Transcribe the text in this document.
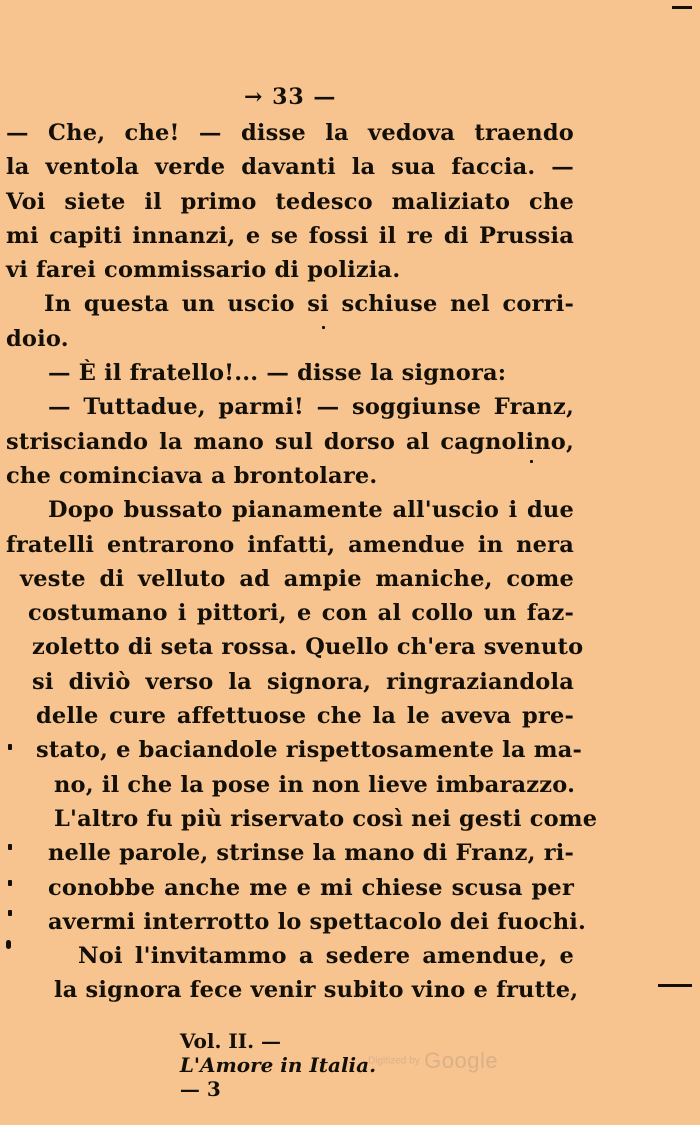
→ 33 —
— Che, che! — disse la vedova traendo
la ventola verde davanti la sua faccia. —
Voi siete il primo tedesco maliziato che
mi capiti innanzi, e se fossi il re di Prussia
vi farei commissario di polizia.
In questa un uscio si schiuse nel corri-
doio.
— È il fratello!... — disse la signora:
— Tuttadue, parmi! — soggiunse Franz,
strisciando la mano sul dorso al cagnolino,
che cominciava a brontolare.
Dopo bussato pianamente all'uscio i due
fratelli entrarono infatti, amendue in nera
veste di velluto ad ampie maniche, come
costumano i pittori, e con al collo un faz-
zoletto di seta rossa. Quello ch'era svenuto
si diviò verso la signora, ringraziandola
delle cure affettuose che la le aveva pre-
stato, e baciandole rispettosamente la ma-
no, il che la pose in non lieve imbarazzo.
L'altro fu più riservato così nei gesti come
nelle parole, strinse la mano di Franz, ri-
conobbe anche me e mi chiese scusa per
avermi interrotto lo spettacolo dei fuochi.
Noi l'invitammo a sedere amendue, e
la signora fece venir subito vino e frutte,

Vol. II. —
L'Amore in Italia.
— 3

Digitized by Google
